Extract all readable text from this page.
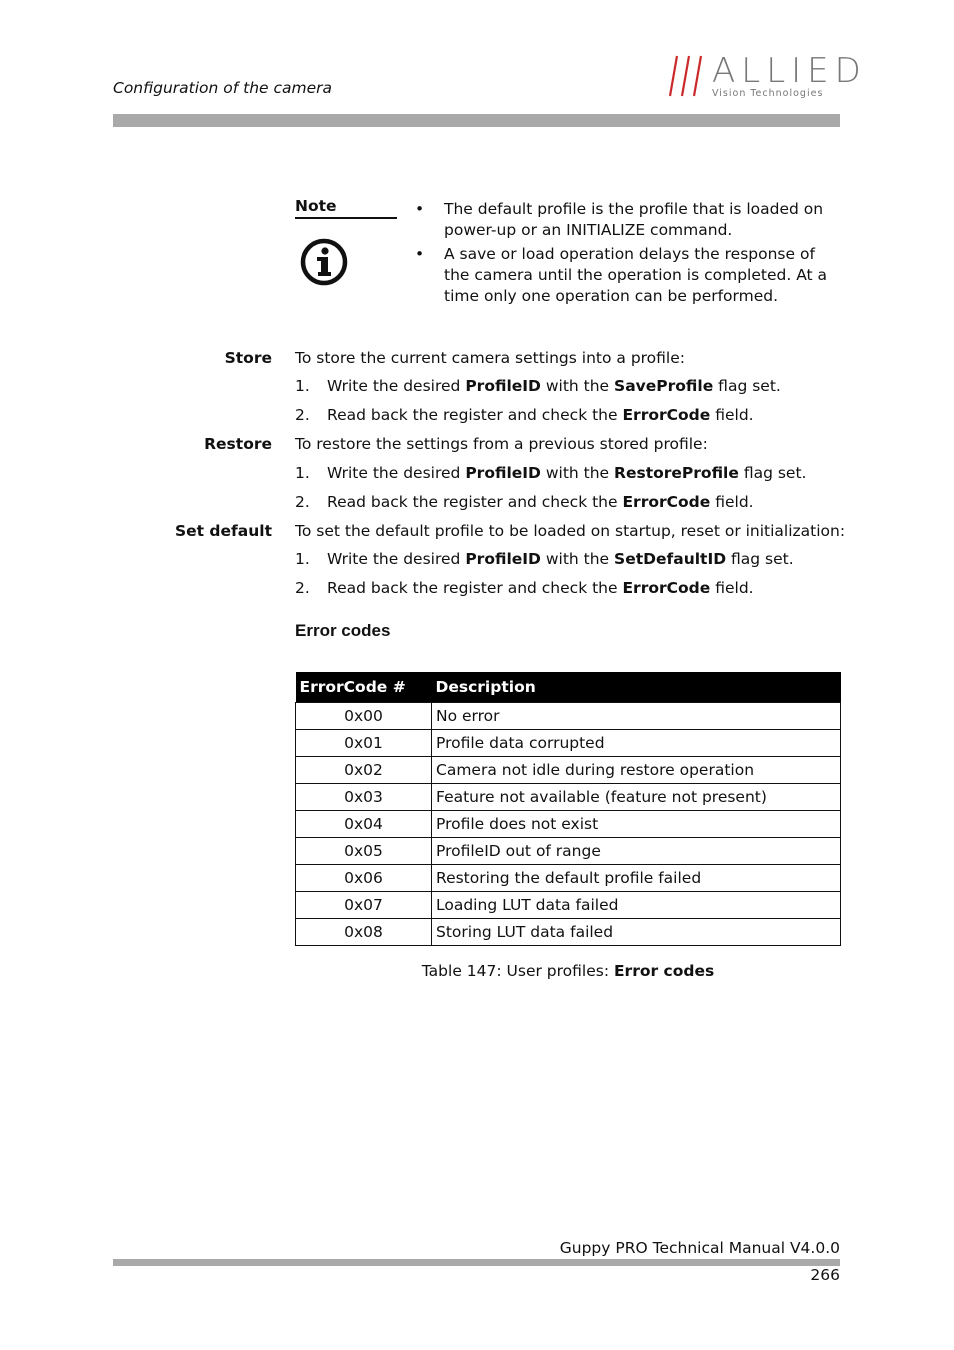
Configuration of the camera	ALLIED
Vision Technologies
Note	• The default profile is the profile that is loaded on power-up or an INITIALIZE command.
• A save or load operation delays the response of the camera until the operation is completed. At a time only one operation can be performed.
Store To store the current camera settings into a profile:
1. Write the desired ProfileID with the SaveProfile flag set.
2. Read back the register and check the ErrorCode field.
Restore To restore the settings from a previous stored profile:
1. Write the desired ProfileID with the RestoreProfile flag set.
2. Read back the register and check the ErrorCode field.
Set default To set the default profile to be loaded on startup, reset or initialization:
1. Write the desired ProfileID with the SetDefaultID flag set.
2. Read back the register and check the ErrorCode field.
Error codes
ErrorCode #	Description
0x00	No error
0x01	Profile data corrupted
0x02	Camera not idle during restore operation
0x03	Feature not available (feature not present)
0x04	Profile does not exist
0x05	ProfileID out of range
0x06	Restoring the default profile failed
0x07	Loading LUT data failed
0x08	Storing LUT data failed
Table 147: User profiles: Error codes
Guppy PRO Technical Manual V4.0.0
266
